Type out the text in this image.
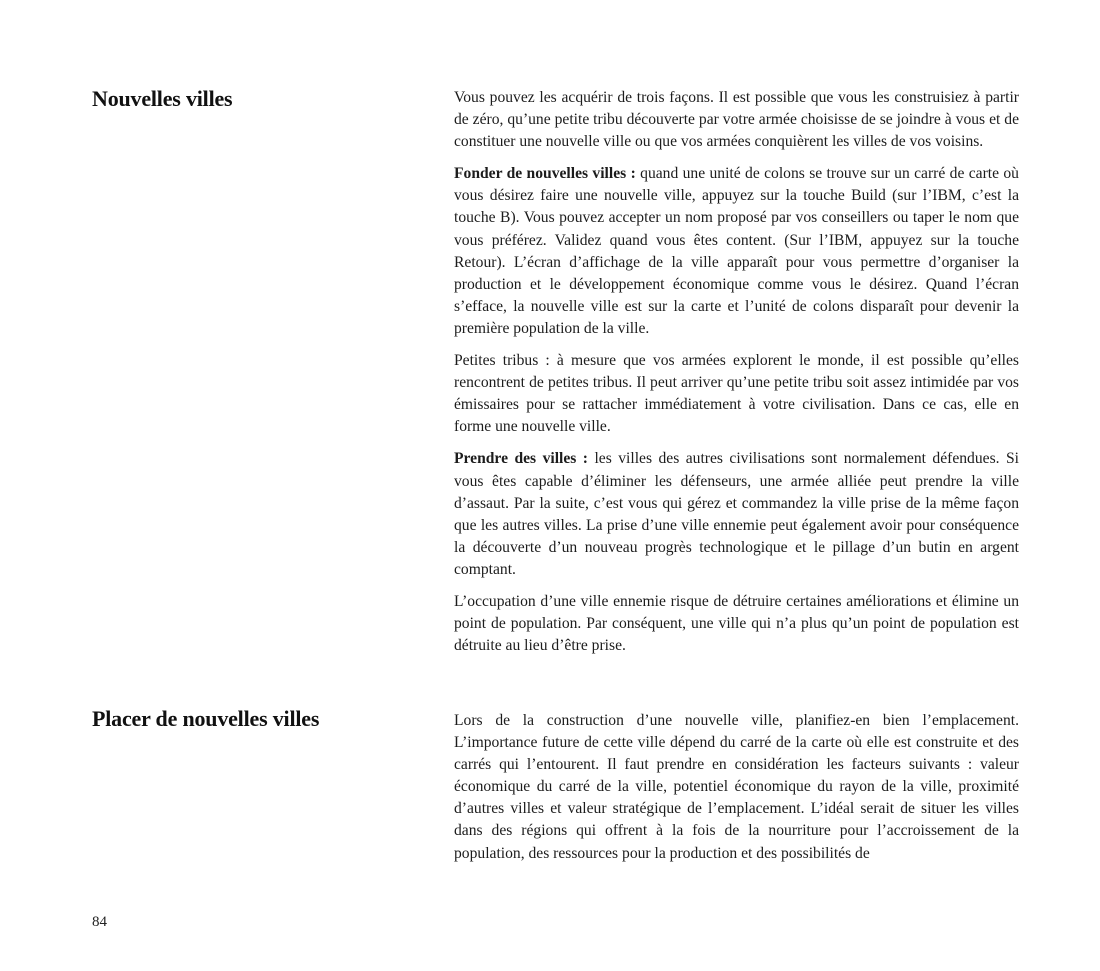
Nouvelles villes	Vous pouvez les acquérir de trois façons. Il est possible que vous les construisiez à partir de zéro, qu’une petite tribu découverte par votre armée choisisse de se joindre à vous et de constituer une nouvelle ville ou que vos armées conquièrent les villes de vos voisins.

Fonder de nouvelles villes : quand une unité de colons se trouve sur un carré de carte où vous désirez faire une nouvelle ville, appuyez sur la touche Build (sur l’IBM, c’est la touche B). Vous pouvez accepter un nom proposé par vos conseillers ou taper le nom que vous préférez. Validez quand vous êtes content. (Sur l’IBM, appuyez sur la touche Retour). L’écran d’affichage de la ville apparaît pour vous permettre d’organiser la production et le développement économique comme vous le désirez. Quand l’écran s’efface, la nouvelle ville est sur la carte et l’unité de colons disparaît pour devenir la première population de la ville.

Petites tribus : à mesure que vos armées explorent le monde, il est possible qu’elles rencontrent de petites tribus. Il peut arriver qu’une petite tribu soit assez intimidée par vos émissaires pour se rattacher immédiatement à votre civilisation. Dans ce cas, elle en forme une nouvelle ville.

Prendre des villes : les villes des autres civilisations sont normalement défendues. Si vous êtes capable d’éliminer les défenseurs, une armée alliée peut prendre la ville d’assaut. Par la suite, c’est vous qui gérez et commandez la ville prise de la même façon que les autres villes. La prise d’une ville ennemie peut également avoir pour conséquence la découverte d’un nouveau progrès technologique et le pillage d’un butin en argent comptant.

L’occupation d’une ville ennemie risque de détruire certaines améliorations et élimine un point de population. Par conséquent, une ville qui n’a plus qu’un point de population est détruite au lieu d’être prise.

Placer de nouvelles villes	Lors de la construction d’une nouvelle ville, planifiez-en bien l’emplacement. L’importance future de cette ville dépend du carré de la carte où elle est construite et des carrés qui l’entourent. Il faut prendre en considération les facteurs suivants : valeur économique du carré de la ville, potentiel économique du rayon de la ville, proximité d’autres villes et valeur stratégique de l’emplacement. L’idéal serait de situer les villes dans des régions qui offrent à la fois de la nourriture pour l’accroissement de la population, des ressources pour la production et des possibilités de

84
